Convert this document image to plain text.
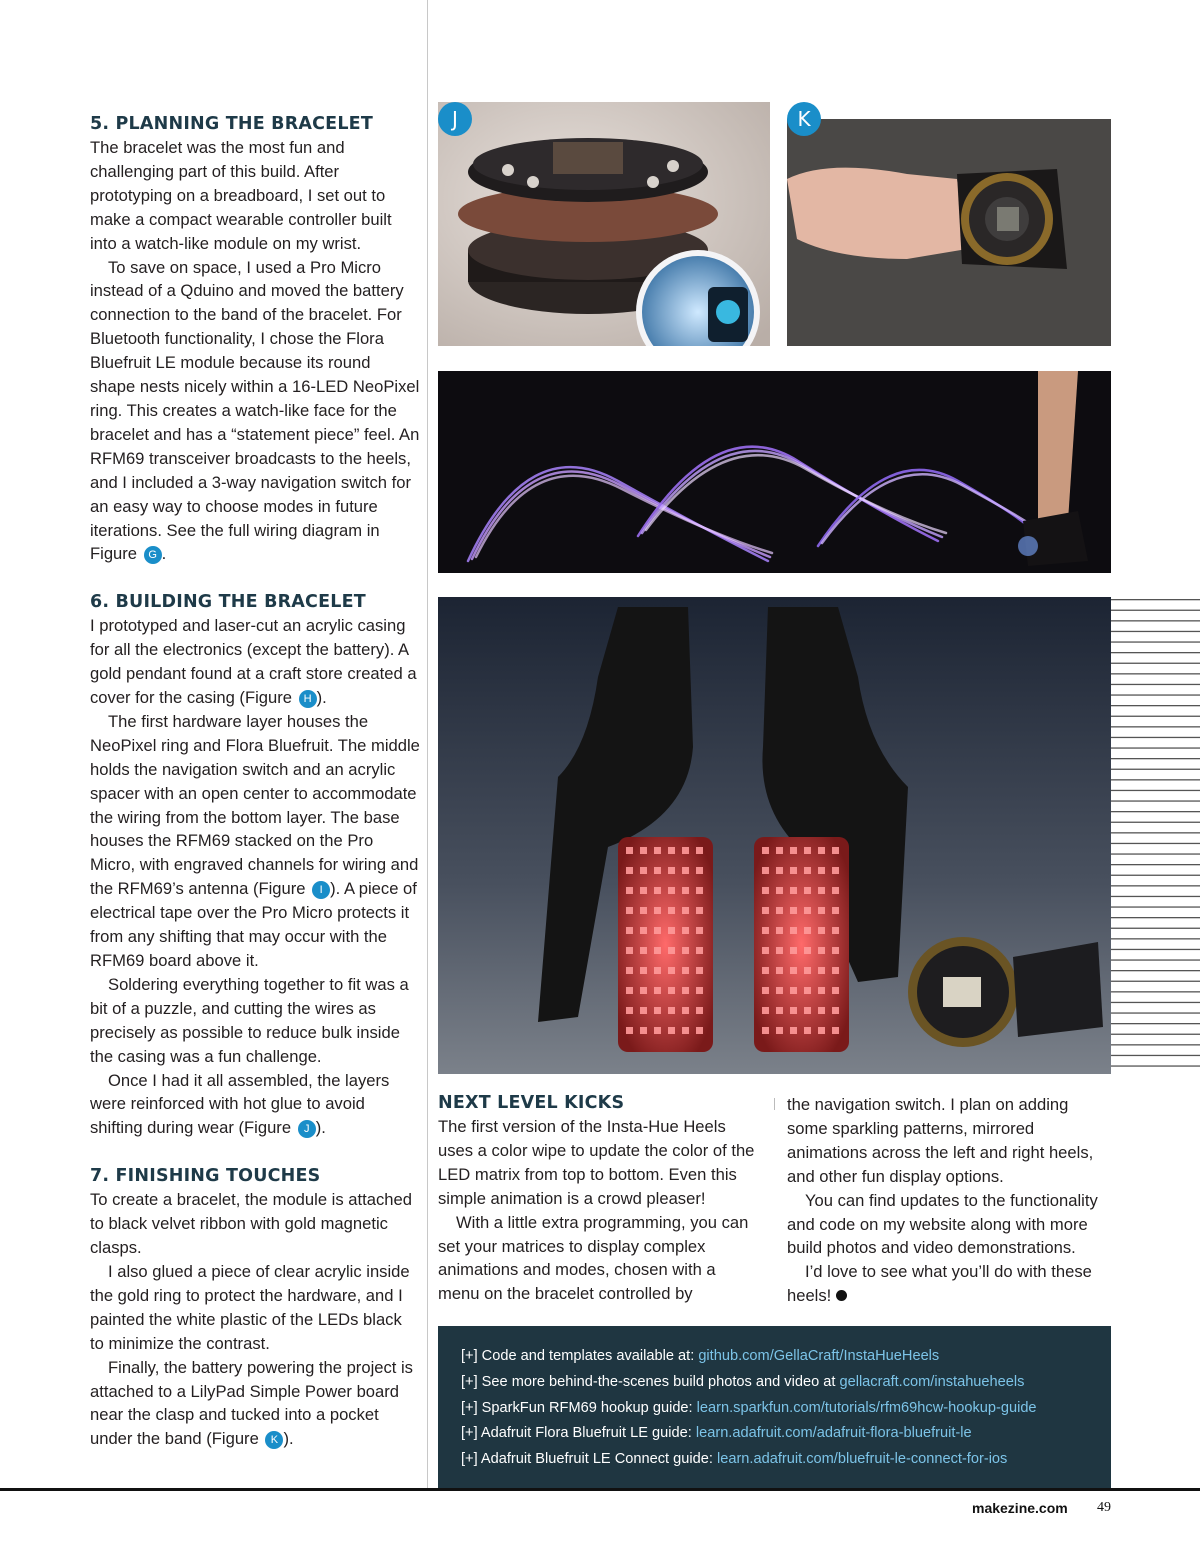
5. PLANNING THE BRACELET

The bracelet was the most fun and challenging part of this build. After prototyping on a breadboard, I set out to make a compact wearable controller built into a watch-like module on my wrist.

To save on space, I used a Pro Micro instead of a Qduino and moved the battery connection to the band of the bracelet. For Bluetooth functionality, I chose the Flora Bluefruit LE module because its round shape nests nicely within a 16-LED NeoPixel ring. This creates a watch-like face for the bracelet and has a “statement piece” feel. An RFM69 transceiver broadcasts to the heels, and I included a 3-way navigation switch for an easy way to choose modes in future iterations. See the full wiring diagram in Figure G .

6. BUILDING THE BRACELET

I prototyped and laser-cut an acrylic casing for all the electronics (except the battery). A gold pendant found at a craft store created a cover for the casing (Figure H ).

The first hardware layer houses the NeoPixel ring and Flora Bluefruit. The middle holds the navigation switch and an acrylic spacer with an open center to accommodate the wiring from the bottom layer. The base houses the RFM69 stacked on the Pro Micro, with engraved channels for wiring and the RFM69’s antenna (Figure I ). A piece of electrical tape over the Pro Micro protects it from any shifting that may occur with the RFM69 board above it.

Soldering everything together to fit was a bit of a puzzle, and cutting the wires as precisely as possible to reduce bulk inside the casing was a fun challenge.

Once I had it all assembled, the layers were reinforced with hot glue to avoid shifting during wear (Figure J ).

7. FINISHING TOUCHES

To create a bracelet, the module is attached to black velvet ribbon with gold magnetic clasps.

I also glued a piece of clear acrylic inside the gold ring to protect the hardware, and I painted the white plastic of the LEDs black to minimize the contrast.

Finally, the battery powering the project is attached to a LilyPad Simple Power board near the clasp and tucked into a pocket under the band (Figure K ).

J	K
NEXT LEVEL KICKS

The first version of the Insta-Hue Heels uses a color wipe to update the color of the LED matrix from top to bottom. Even this simple animation is a crowd pleaser!

With a little extra programming, you can set your matrices to display complex animations and modes, chosen with a menu on the bracelet controlled by

the navigation switch. I plan on adding some sparkling patterns, mirrored animations across the left and right heels, and other fun display options.

You can find updates to the functionality and code on my website along with more build photos and video demonstrations.

I’d love to see what you’ll do with these heels!

[+] Code and templates available at: github.com/GellaCraft/InstaHueHeels
[+] See more behind-the-scenes build photos and video at gellacraft.com/instahueheels
[+] SparkFun RFM69 hookup guide: learn.sparkfun.com/tutorials/rfm69hcw-hookup-guide
[+] Adafruit Flora Bluefruit LE guide: learn.adafruit.com/adafruit-flora-bluefruit-le
[+] Adafruit Bluefruit LE Connect guide: learn.adafruit.com/bluefruit-le-connect-for-ios
makezine.com 49
